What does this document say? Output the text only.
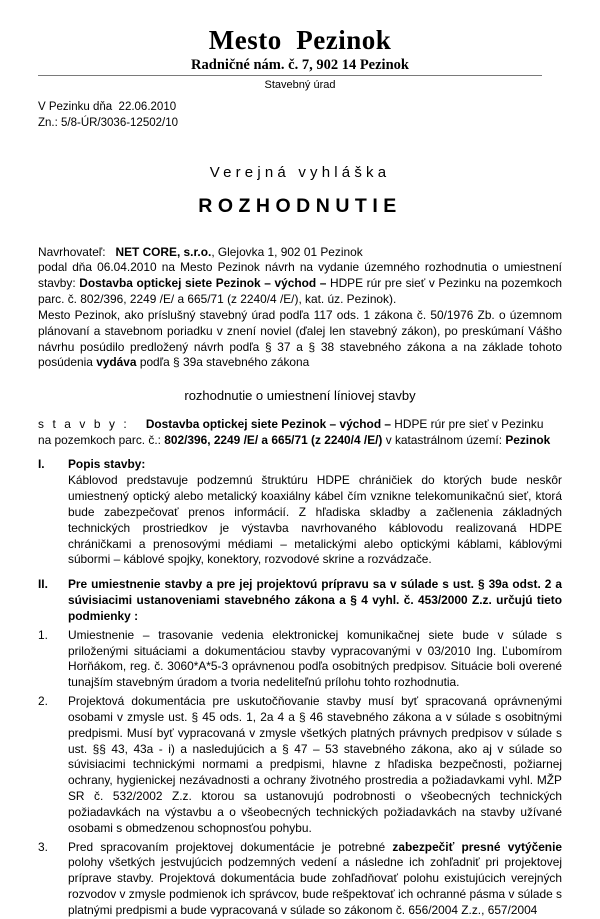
Mesto  Pezinok
Radničné nám. č. 7, 902 14 Pezinok
Stavebný úrad
V Pezinku dňa  22.06.2010
Zn.: 5/8-ÚR/3036-12502/10
Verejná vyhláška
ROZHODNUTIE
Navrhovateľ: NET CORE, s.r.o., Glejovka 1, 902 01 Pezinok

podal dňa 06.04.2010 na Mesto Pezinok návrh na vydanie územného rozhodnutia o umiestnení stavby: Dostavba optickej siete Pezinok – východ – HDPE rúr pre sieť v Pezinku na pozemkoch parc. č. 802/396, 2249 /E/ a 665/71 (z 2240/4 /E/), kat. úz. Pezinok).

Mesto Pezinok, ako príslušný stavebný úrad podľa 117 ods. 1 zákona č. 50/1976 Zb. o územnom plánovaní a stavebnom poriadku v znení noviel (ďalej len stavebný zákon), po preskúmaní Vášho návrhu posúdilo predložený návrh podľa § 37 a § 38 stavebného zákona a na základe tohoto posúdenia vydáva podľa § 39a stavebného zákona

rozhodnutie o umiestnení líniovej stavby
s t a v b y : Dostavba optickej siete Pezinok – východ – HDPE rúr pre sieť v Pezinku

na pozemkoch parc. č.: 802/396, 2249 /E/ a 665/71 (z 2240/4 /E/) v katastrálnom území: Pezinok

I.	Popis stavby:

Káblovod predstavuje podzemnú štruktúru HDPE chráničiek do ktorých bude neskôr umiestnený optický alebo metalický koaxiálny kábel čím vznikne telekomunikačnú sieť, ktorá bude zabezpečovať prenos informácií. Z hľadiska skladby a začlenenia základných technických prostriedkov je výstavba navrhovaného káblovodu realizovaná HDPE chráničkami a prenosovými médiami – metalickými alebo optickými káblami, káblovými súbormi – káblové spojky, konektory, rozvodové skrine a rozvádzače.

II.	Pre umiestnenie stavby a pre jej projektovú prípravu sa v súlade s ust. § 39a odst. 2 a súvisiacimi ustanoveniami stavebného zákona a § 4 vyhl. č. 453/2000 Z.z. určujú tieto podmienky :

1.	Umiestnenie – trasovanie vedenia elektronickej komunikačnej siete bude v súlade s priloženými situáciami a dokumentáciou stavby vypracovanými v 03/2010 Ing. Ľubomírom Horňákom, reg. č. 3060*A*5-3 oprávnenou podľa osobitných predpisov. Situácie boli overené tunajším stavebným úradom a tvoria nedeliteľnú prílohu tohto rozhodnutia.

2.	Projektová dokumentácia pre uskutočňovanie stavby musí byť spracovaná oprávnenými osobami v zmysle ust. § 45 ods. 1, 2a 4 a § 46 stavebného zákona a v súlade s osobitnými predpismi. Musí byť vypracovaná v zmysle všetkých platných právnych predpisov v súlade s ust. §§ 43, 43a - i) a nasledujúcich a § 47 – 53 stavebného zákona, ako aj v súlade so súvisiacimi technickými normami a predpismi, hlavne z hľadiska bezpečnosti, požiarnej ochrany, hygienickej nezávadnosti a ochrany životného prostredia a požiadavkami vyhl. MŽP SR č. 532/2002 Z.z. ktorou sa ustanovujú podrobnosti o všeobecných technických požiadavkách na výstavbu a o všeobecných technických požiadavkách na stavby užívané osobami s obmedzenou schopnosťou pohybu.

3.	Pred spracovaním projektovej dokumentácie je potrebné zabezpečiť presné vytýčenie polohy všetkých jestvujúcich podzemných vedení a následne ich zohľadniť pri projektovej príprave stavby. Projektová dokumentácia bude zohľadňovať polohu existujúcich verejných rozvodov v zmysle podmienok ich správcov, bude rešpektovať ich ochranné pásma v súlade s platnými predpismi a bude vypracovaná v súlade so zákonom č. 656/2004 Z.z., 657/2004
